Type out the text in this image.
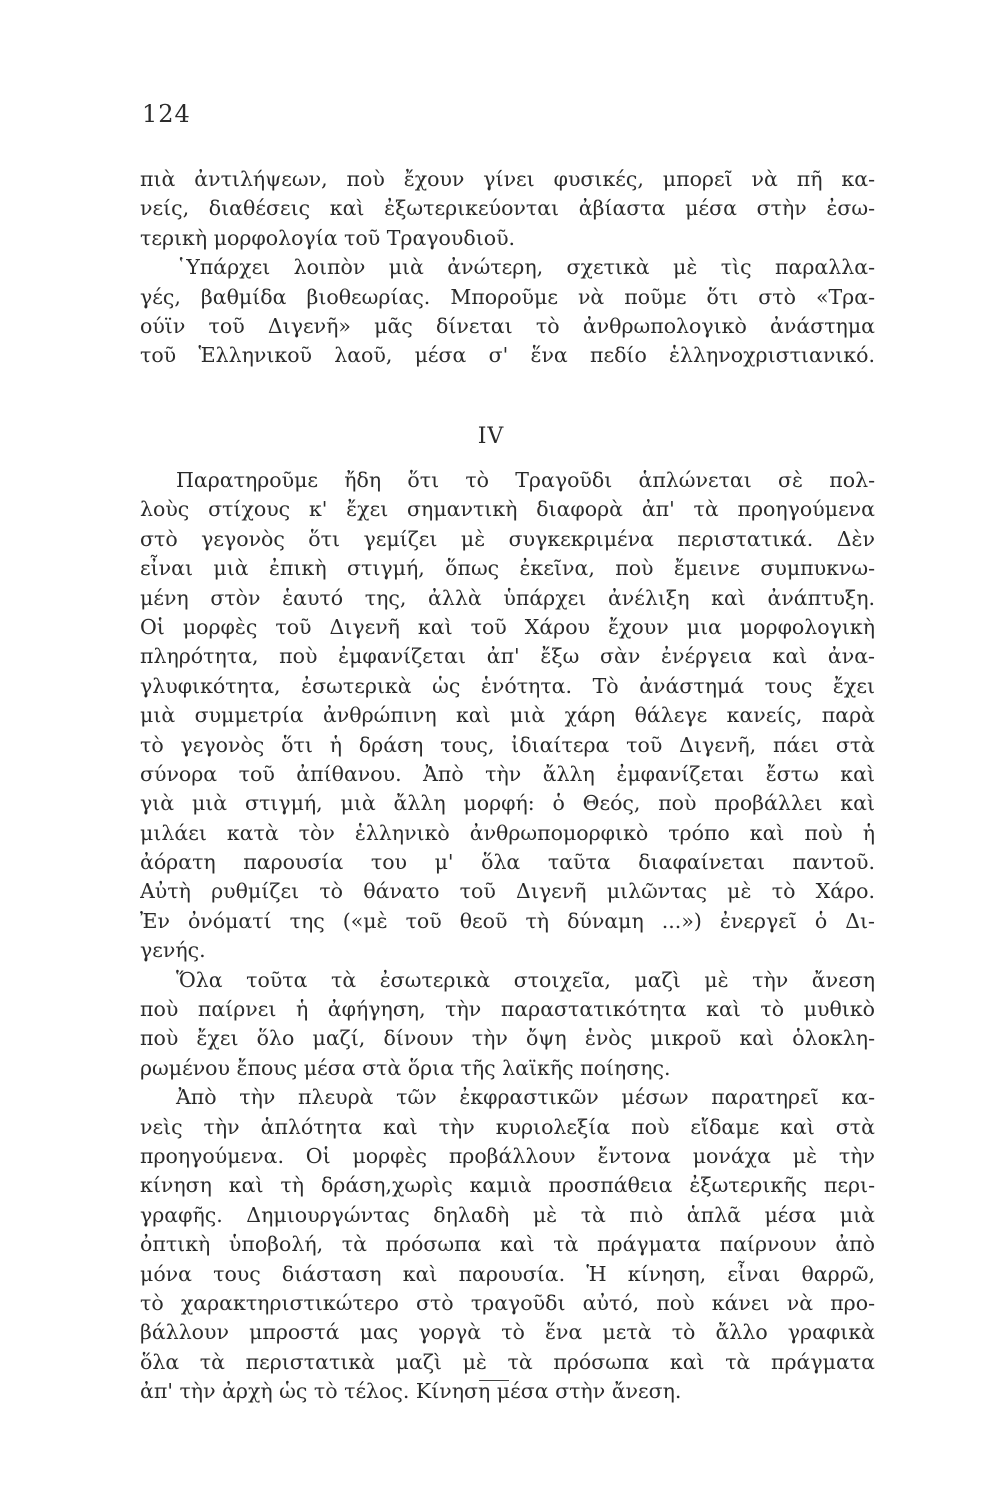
124
πιὰ ἀντιλήψεων, ποὺ ἔχουν γίνει φυσικές, μπορεῖ νὰ πῆ κα-
νείς, διαθέσεις καὶ ἐξωτερικεύονται ἀβίαστα μέσα στὴν ἐσω-
τερικὴ μορφολογία τοῦ Τραγουδιοῦ.
῾Υπάρχει λοιπὸν μιὰ ἀνώτερη, σχετικὰ μὲ τὶς παραλλα-
γές, βαθμίδα βιοθεωρίας. Μποροῦμε νὰ ποῦμε ὅτι στὸ «Τρα-
ούϊν τοῦ Διγενῆ» μᾶς δίνεται τὸ ἀνθρωπολογικὸ ἀνάστημα
τοῦ Ἑλληνικοῦ λαοῦ, μέσα σ' ἕνα πεδίο ἑλληνοχριστιανικό.
IV
Παρατηροῦμε ἤδη ὅτι τὸ Τραγοῦδι ἁπλώνεται σὲ πολ-
λοὺς στίχους κ' ἔχει σημαντικὴ διαφορὰ ἀπ' τὰ προηγούμενα
στὸ γεγονὸς ὅτι γεμίζει μὲ συγκεκριμένα περιστατικά. Δὲν
εἶναι μιὰ ἐπικὴ στιγμή, ὅπως ἐκεῖνα, ποὺ ἔμεινε συμπυκνω-
μένη στὸν ἑαυτό της, ἀλλὰ ὑπάρχει ἀνέλιξη καὶ ἀνάπτυξη.
Οἱ μορφὲς τοῦ Διγενῆ καὶ τοῦ Χάρου ἔχουν μια μορφολογικὴ
πληρότητα, ποὺ ἐμφανίζεται ἀπ' ἔξω σὰν ἐνέργεια καὶ ἀνα-
γλυφικότητα, ἐσωτερικὰ ὡς ἑνότητα. Τὸ ἀνάστημά τους ἔχει
μιὰ συμμετρία ἀνθρώπινη καὶ μιὰ χάρη θάλεγε κανείς, παρὰ
τὸ γεγονὸς ὅτι ἡ δράση τους, ἰδιαίτερα τοῦ Διγενῆ, πάει στὰ
σύνορα τοῦ ἀπίθανου. Ἀπὸ τὴν ἄλλη ἐμφανίζεται ἔστω καὶ
γιὰ μιὰ στιγμή, μιὰ ἄλλη μορφή: ὁ Θεός, ποὺ προβάλλει καὶ
μιλάει κατὰ τὸν ἑλληνικὸ ἀνθρωπομορφικὸ τρόπο καὶ ποὺ ἡ
ἀόρατη παρουσία του μ' ὅλα ταῦτα διαφαίνεται παντοῦ.
Αὐτὴ ρυθμίζει τὸ θάνατο τοῦ Διγενῆ μιλῶντας μὲ τὸ Χάρο.
Ἐν ὀνόματί της («μὲ τοῦ θεοῦ τὴ δύναμη ...») ἐνεργεῖ ὁ Δι-
γενής.
Ὅλα τοῦτα τὰ ἐσωτερικὰ στοιχεῖα, μαζὶ μὲ τὴν ἄνεση
ποὺ παίρνει ἡ ἀφήγηση, τὴν παραστατικότητα καὶ τὸ μυθικὸ
ποὺ ἔχει ὅλο μαζί, δίνουν τὴν ὄψη ἑνὸς μικροῦ καὶ ὁλοκλη-
ρωμένου ἔπους μέσα στὰ ὅρια τῆς λαϊκῆς ποίησης.
Ἀπὸ τὴν πλευρὰ τῶν ἐκφραστικῶν μέσων παρατηρεῖ κα-
νεὶς τὴν ἁπλότητα καὶ τὴν κυριολεξία ποὺ εἴδαμε καὶ στὰ
προηγούμενα. Οἱ μορφὲς προβάλλουν ἔντονα μονάχα μὲ τὴν
κίνηση καὶ τὴ δράση,χωρὶς καμιὰ προσπάθεια ἐξωτερικῆς περι-
γραφῆς. Δημιουργώντας δηλαδὴ μὲ τὰ πιὸ ἁπλᾶ μέσα μιὰ
ὀπτικὴ ὑποβολή, τὰ πρόσωπα καὶ τὰ πράγματα παίρνουν ἀπὸ
μόνα τους διάσταση καὶ παρουσία. Ἡ κίνηση, εἶναι θαρρῶ,
τὸ χαρακτηριστικώτερο στὸ τραγοῦδι αὐτό, ποὺ κάνει νὰ προ-
βάλλουν μπροστά μας γοργὰ τὸ ἕνα μετὰ τὸ ἄλλο γραφικὰ
ὅλα τὰ περιστατικὰ μαζὶ μὲ τὰ πρόσωπα καὶ τὰ πράγματα
ἀπ' τὴν ἀρχὴ ὡς τὸ τέλος. Κίνηση μέσα στὴν ἄνεση.
